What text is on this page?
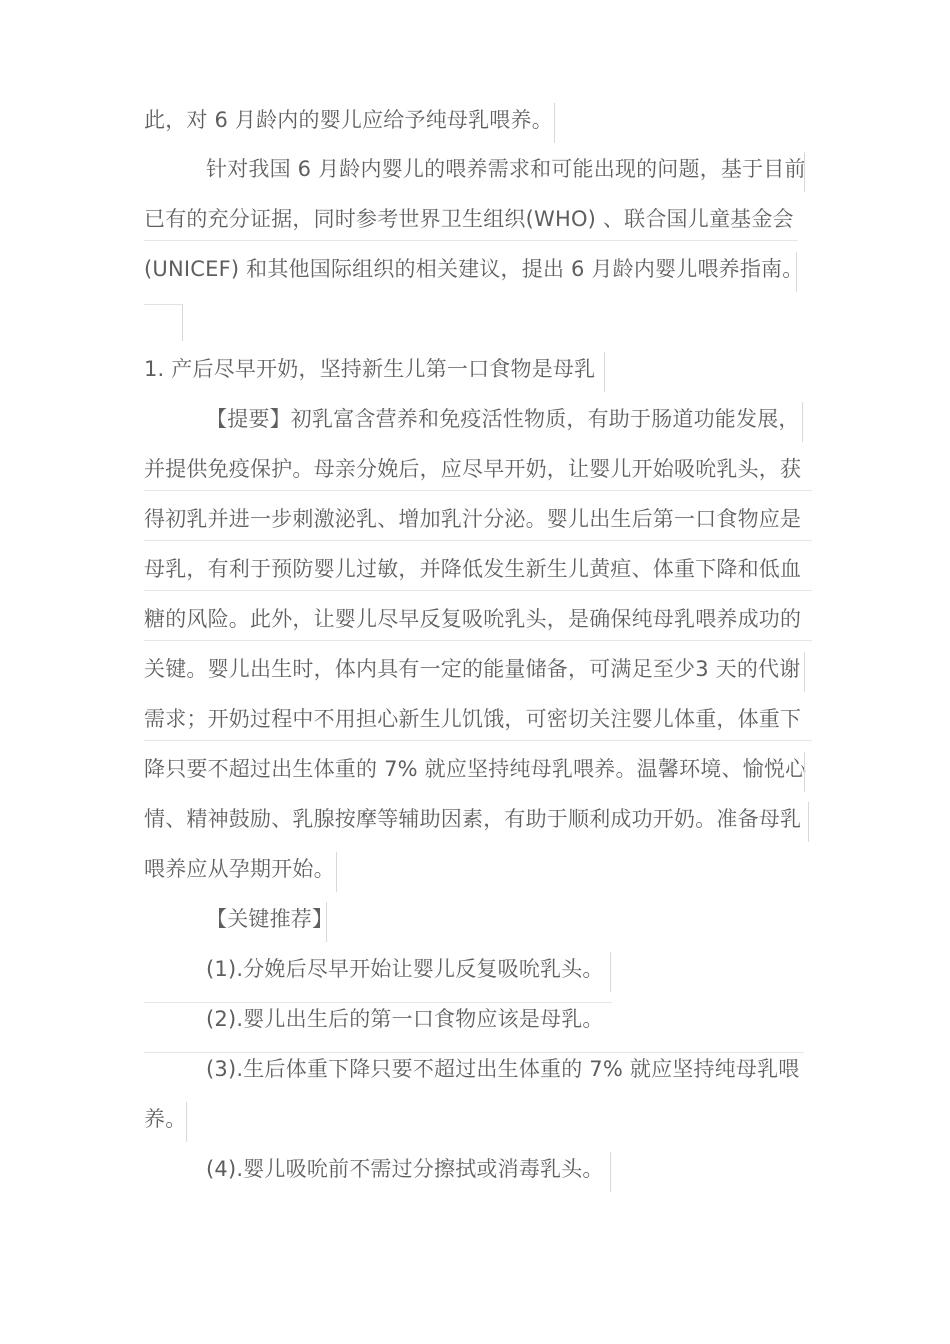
此，对 6 月龄内的婴儿应给予纯母乳喂养。
针对我国 6 月龄内婴儿的喂养需求和可能出现的问题，基于目前
已有的充分证据，同时参考世界卫生组织(WHO) 、联合国儿童基金会
(UNICEF) 和其他国际组织的相关建议，提出 6 月龄内婴儿喂养指南。
1. 产后尽早开奶，坚持新生儿第一口食物是母乳
【提要】初乳富含营养和免疫活性物质，有助于肠道功能发展，
并提供免疫保护。母亲分娩后，应尽早开奶，让婴儿开始吸吮乳头，获
得初乳并进一步刺激泌乳、增加乳汁分泌。婴儿出生后第一口食物应是
母乳，有利于预防婴儿过敏，并降低发生新生儿黄疸、体重下降和低血
糖的风险。此外，让婴儿尽早反复吸吮乳头，是确保纯母乳喂养成功的
关键。婴儿出生时，体内具有一定的能量储备，可满足至少3 天的代谢
需求；开奶过程中不用担心新生儿饥饿，可密切关注婴儿体重，体重下
降只要不超过出生体重的 7% 就应坚持纯母乳喂养。温馨环境、愉悦心
情、精神鼓励、乳腺按摩等辅助因素，有助于顺利成功开奶。准备母乳
喂养应从孕期开始。
【关键推荐】
(1).分娩后尽早开始让婴儿反复吸吮乳头。
(2).婴儿出生后的第一口食物应该是母乳。
(3).生后体重下降只要不超过出生体重的 7% 就应坚持纯母乳喂
养。
(4).婴儿吸吮前不需过分擦拭或消毒乳头。
